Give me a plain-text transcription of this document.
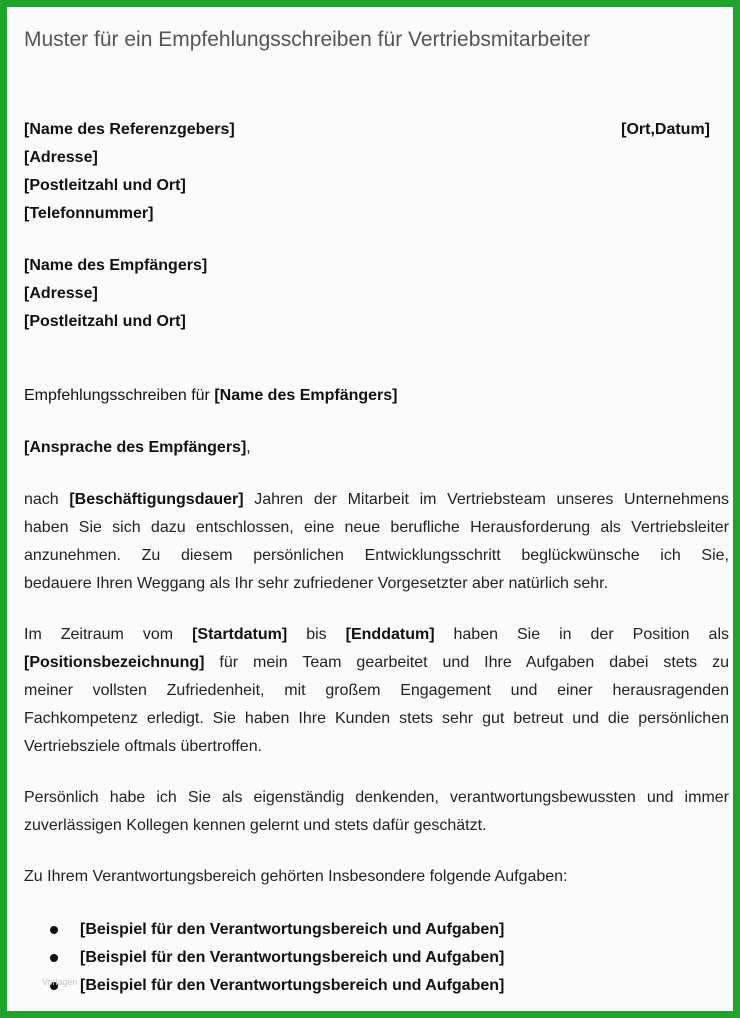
Muster für ein Empfehlungsschreiben für Vertriebsmitarbeiter
[Name des Referenzgebers]	[Ort,Datum]
[Adresse]
[Postleitzahl und Ort]
[Telefonnummer]
[Name des Empfängers]
[Adresse]
[Postleitzahl und Ort]
Empfehlungsschreiben für [Name des Empfängers]
[Ansprache des Empfängers],
nach [Beschäftigungsdauer] Jahren der Mitarbeit im Vertriebsteam unseres Unternehmens
haben Sie sich dazu entschlossen, eine neue berufliche Herausforderung als Vertriebsleiter
anzunehmen. Zu diesem persönlichen Entwicklungsschritt beglückwünsche ich Sie,
bedauere Ihren Weggang als Ihr sehr zufriedener Vorgesetzter aber natürlich sehr.
Im Zeitraum vom [Startdatum] bis [Enddatum] haben Sie in der Position als
[Positionsbezeichnung] für mein Team gearbeitet und Ihre Aufgaben dabei stets zu
meiner vollsten Zufriedenheit, mit großem Engagement und einer herausragenden
Fachkompetenz erledigt. Sie haben Ihre Kunden stets sehr gut betreut und die persönlichen
Vertriebsziele oftmals übertroffen.
Persönlich habe ich Sie als eigenständig denkenden, verantwortungsbewussten und immer
zuverlässigen Kollegen kennen gelernt und stets dafür geschätzt.
Zu Ihrem Verantwortungsbereich gehörten Insbesondere folgende Aufgaben:
[Beispiel für den Verantwortungsbereich und Aufgaben]
[Beispiel für den Verantwortungsbereich und Aufgaben]
[Beispiel für den Verantwortungsbereich und Aufgaben]
Vorlagen
